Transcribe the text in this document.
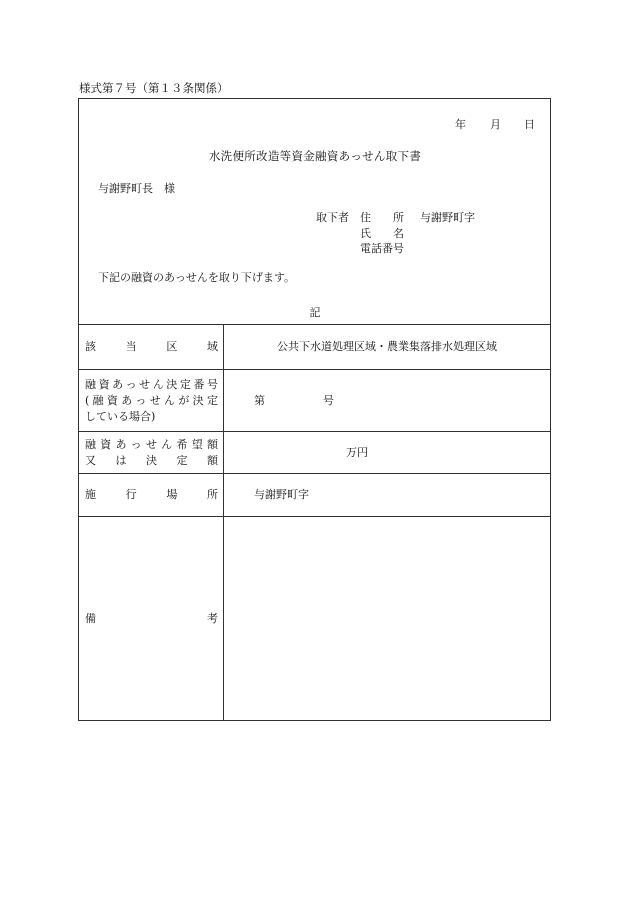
様式第７号（第１３条関係）
年 月 日
水洗便所改造等資金融資あっせん取下書
与謝野町長　様
取下者 住　　所 与謝野町字
氏　　名
電話番号
下記の融資のあっせんを取り下げます。
記
該 当 区 域	公共下水道処理区域・農業集落排水処理区域

融資あっせん決定番号
(融資あっせんが決定
している場合)	第 号

融資あっせん希望額
又は決定額	万円

施 行 場 所	与謝野町字

備 考	
